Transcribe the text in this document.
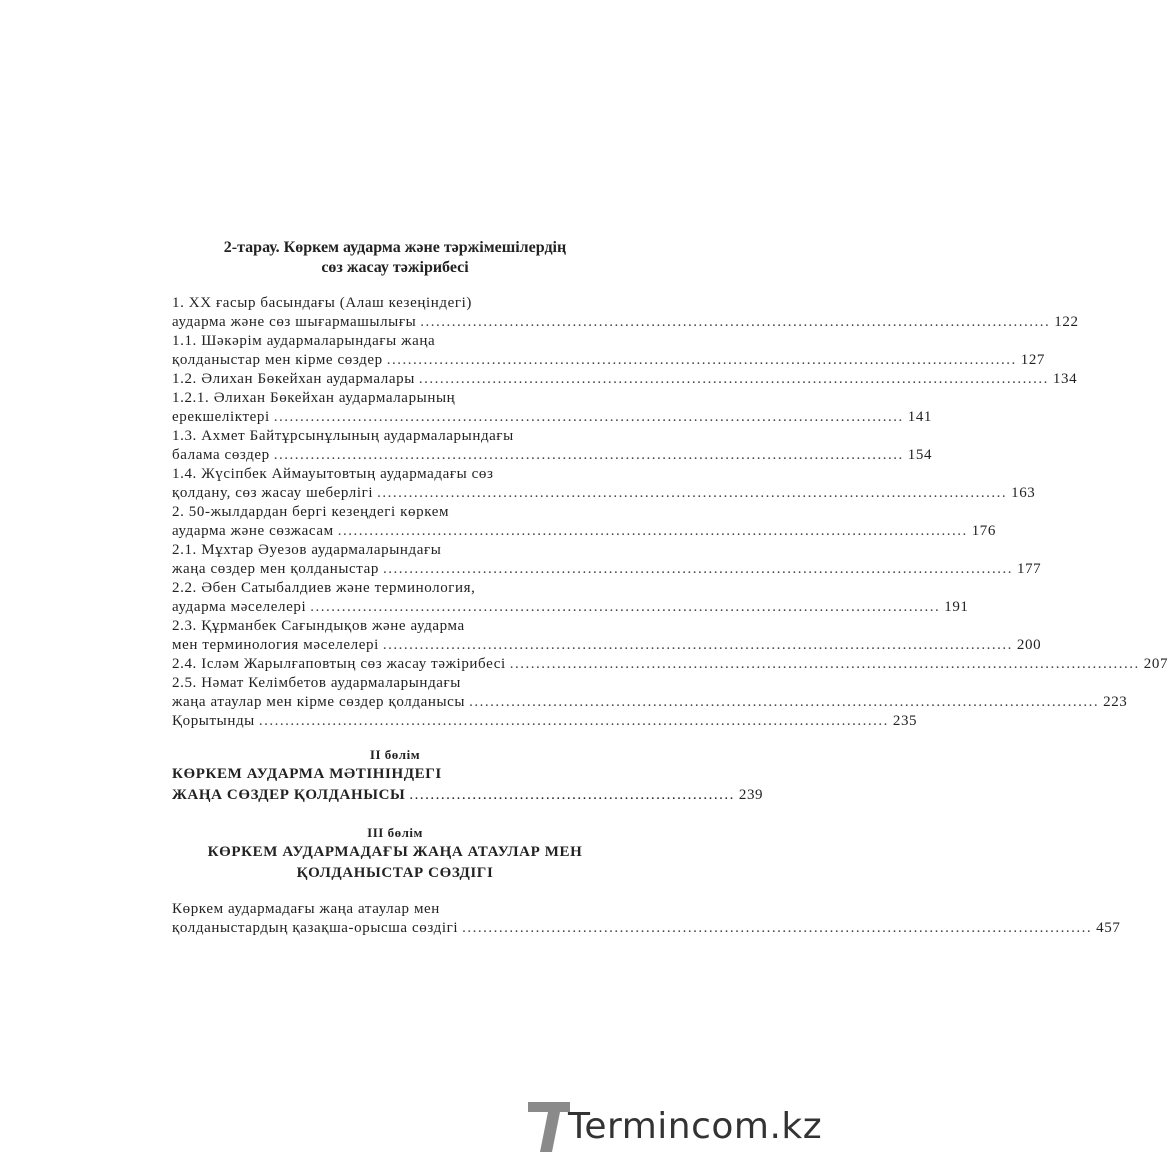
2-тарау. Көркем аудармa және тәржімешілердің
сөз жасау тәжірибесі
1. XX ғасыр басындағы (Алаш кезеңіндегі)
аударма және сөз шығармашылығы ........................................................................................................................ 122
1.1. Шәкәрім аудармаларындағы жаңа
қолданыстар мен кірме сөздер ........................................................................................................................ 127
1.2. Әлихан Бөкейхан аудармалары ........................................................................................................................ 134
1.2.1. Әлихан Бөкейхан аудармаларының
ерекшеліктері ........................................................................................................................ 141
1.3. Ахмет Байтұрсынұлының аудармаларындағы
балама сөздер ........................................................................................................................ 154
1.4. Жүсіпбек Аймауытовтың аудармадағы сөз
қолдану, сөз жасау шеберлігі ........................................................................................................................ 163
2. 50-жылдардан бергі кезеңдегі көркем
аударма және сөзжасам ........................................................................................................................ 176
2.1. Мұхтар Әуезов аудармаларындағы
жаңа сөздер мен қолданыстар ........................................................................................................................ 177
2.2. Әбен Сатыбалдиев және терминология,
аударма мәселелері ........................................................................................................................ 191
2.3. Құрманбек Сағындықов және аударма
мен терминология мәселелері ........................................................................................................................ 200
2.4. Ісләм Жарылғаповтың сөз жасау тәжірибесі ........................................................................................................................ 207
2.5. Нәмат Келімбетов аудармаларындағы
жаңа атаулар мен кірме сөздер қолданысы ........................................................................................................................ 223
Қорытынды ........................................................................................................................ 235
II бөлім
КӨРКЕМ АУДАРМА МӘТІНІНДЕГІ
ЖАҢА СӨЗДЕР ҚОЛДАНЫСЫ .............................................................. 239
III бөлім
КӨРКЕМ АУДАРМАДАҒЫ ЖАҢА АТАУЛАР МЕН
ҚОЛДАНЫСТАР СӨЗДІГІ
Көркем аудармадағы жаңа атаулар мен
қолданыстардың қазақша-орысша сөздігі ........................................................................................................................ 457
Termincom.kz
